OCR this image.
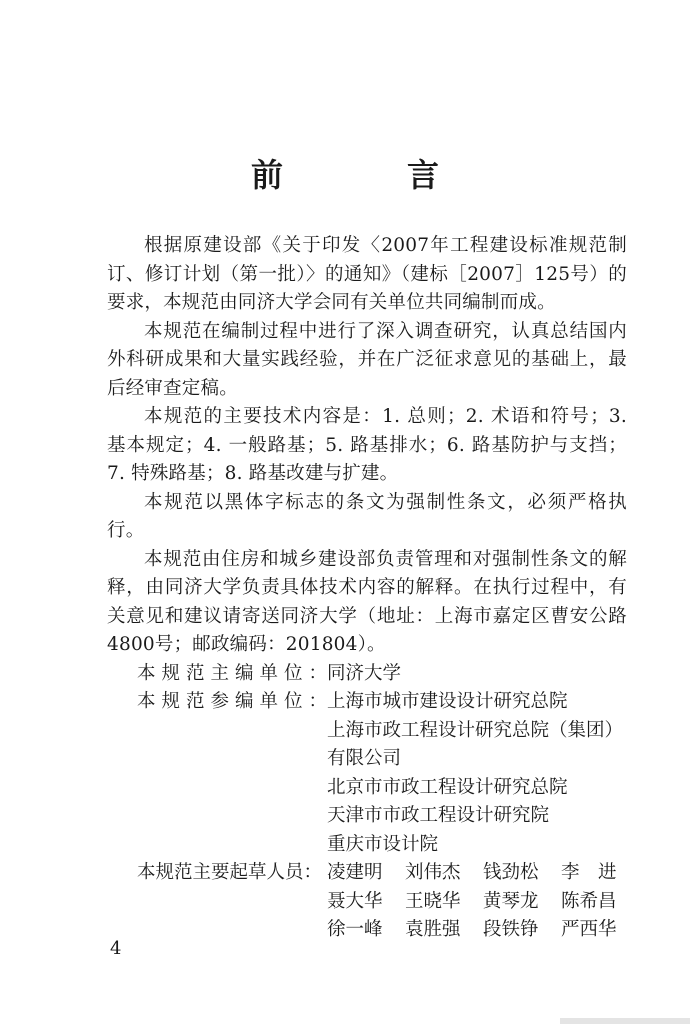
前　言

根据原建设部《关于印发〈2007年工程建设标准规范制订、修订计划（第一批）〉的通知》（建标［2007］125号）的要求，本规范由同济大学会同有关单位共同编制而成。

本规范在编制过程中进行了深入调查研究，认真总结国内外科研成果和大量实践经验，并在广泛征求意见的基础上，最后经审查定稿。

本规范的主要技术内容是：1. 总则；2. 术语和符号；3. 基本规定；4. 一般路基；5. 路基排水；6. 路基防护与支挡；7. 特殊路基；8. 路基改建与扩建。

本规范以黑体字标志的条文为强制性条文，必须严格执行。

本规范由住房和城乡建设部负责管理和对强制性条文的解释，由同济大学负责具体技术内容的解释。在执行过程中，有关意见和建议请寄送同济大学（地址：上海市嘉定区曹安公路4800号；邮政编码：201804）。

本规范主编单位：
同济大学
本规范参编单位：
上海市城市建设设计研究总院
上海市政工程设计研究总院（集团）
有限公司
北京市市政工程设计研究总院
天津市市政工程设计研究院
重庆市设计院
本规范主要起草人员： 凌建明	刘伟杰	钱劲松	李　进
聂大华	王晓华	黄琴龙	陈希昌
徐一峰	袁胜强	段铁铮	严西华
4
